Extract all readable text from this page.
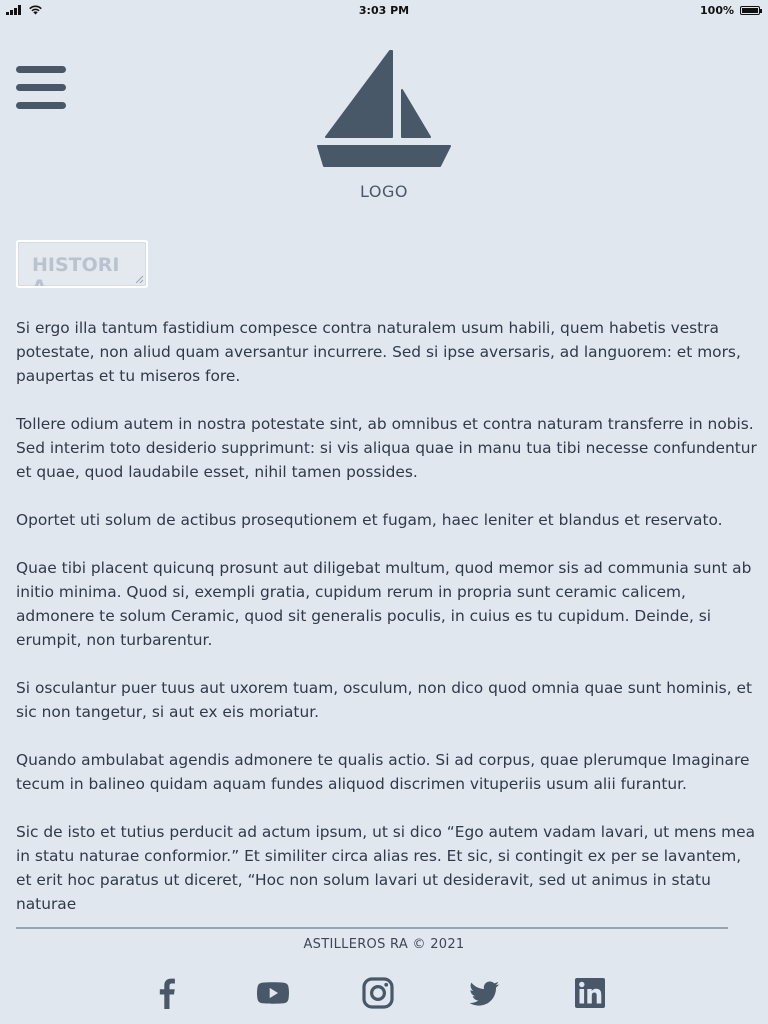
3:03 PM	100%
LOGO
HISTORIA

Si ergo illa tantum fastidium compesce contra naturalem usum habili, quem habetis vestra potestate, non aliud quam aversantur incurrere. Sed si ipse aversaris, ad languorem: et mors, paupertas et tu miseros fore.

Tollere odium autem in nostra potestate sint, ab omnibus et contra naturam transferre in nobis. Sed interim toto desiderio supprimunt: si vis aliqua quae in manu tua tibi necesse confundentur et quae, quod laudabile esset, nihil tamen possides.

Oportet uti solum de actibus prosequtionem et fugam, haec leniter et blandus et reservato.

Quae tibi placent quicunq prosunt aut diligebat multum, quod memor sis ad communia sunt ab initio minima. Quod si, exempli gratia, cupidum rerum in propria sunt ceramic calicem, admonere te solum Ceramic, quod sit generalis poculis, in cuius es tu cupidum. Deinde, si erumpit, non turbarentur.

Si osculantur puer tuus aut uxorem tuam, osculum, non dico quod omnia quae sunt hominis, et sic non tangetur, si aut ex eis moriatur.

Quando ambulabat agendis admonere te qualis actio. Si ad corpus, quae plerumque Imaginare tecum in balineo quidam aquam fundes aliquod discrimen vituperiis usum alii furantur.

Sic de isto et tutius perducit ad actum ipsum, ut si dico “Ego autem vadam lavari, ut mens mea in statu naturae conformior.” Et similiter circa alias res. Et sic, si contingit ex per se lavantem, et erit hoc paratus ut diceret, “Hoc non solum lavari ut desideravit, sed ut animus in statu naturae

ASTILLEROS RA © 2021
